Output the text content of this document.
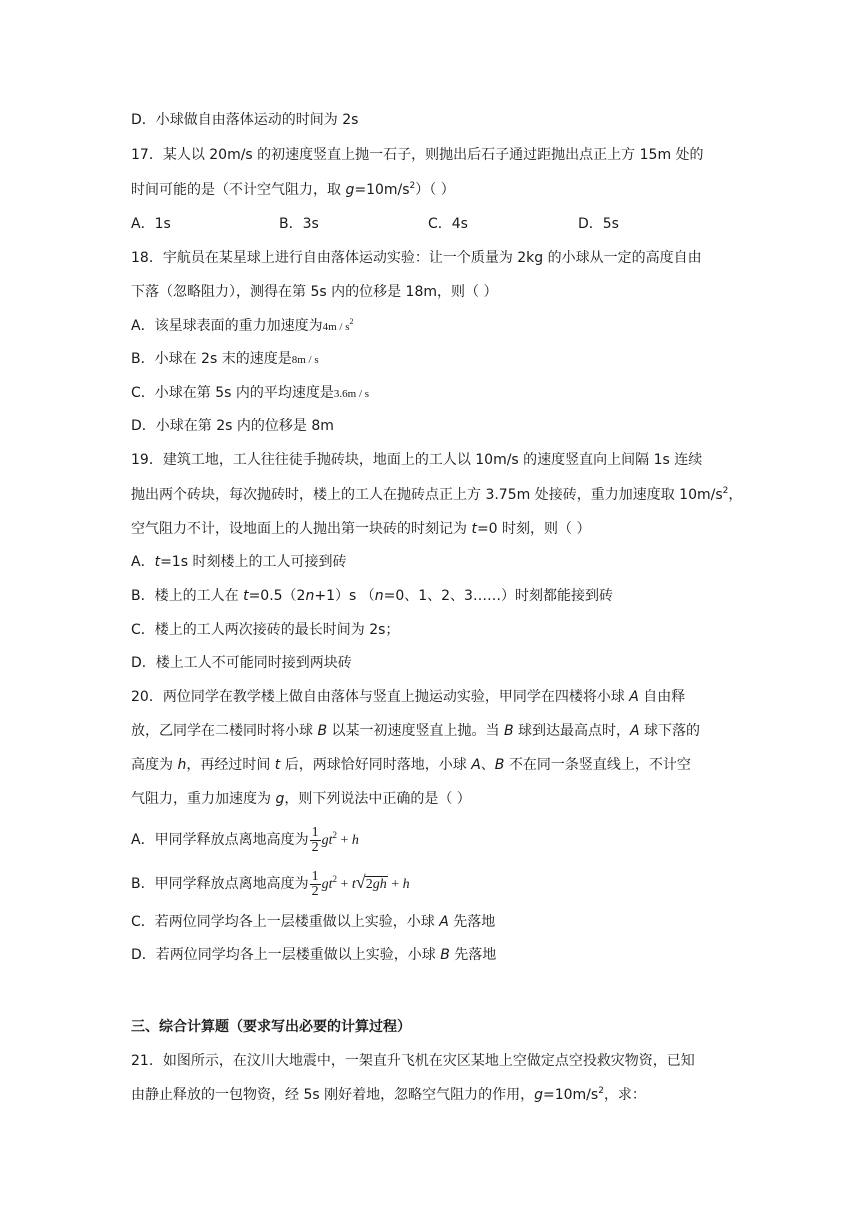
D．小球做自由落体运动的时间为 2s
17．某人以 20m/s 的初速度竖直上抛一石子，则抛出后石子通过距抛出点正上方 15m 处的
时间可能的是（不计空气阻力，取 $g=10m/s^2$）（ ）
A．1s	B．3s	C．4s	D．5s
18．宇航员在某星球上进行自由落体运动实验：让一个质量为 2kg 的小球从一定的高度自由
下落（忽略阻力），测得在第 5s 内的位移是 18m，则（ ）
A．该星球表面的重力加速度为$4m / s^2$
B．小球在 2s 末的速度是8m / s
C．小球在第 5s 内的平均速度是3.6m / s
D．小球在第 2s 内的位移是 8m
19．建筑工地，工人往往徒手抛砖块，地面上的工人以 10m/s 的速度竖直向上间隔 1s 连续
抛出两个砖块，每次抛砖时，楼上的工人在抛砖点正上方 3.75m 处接砖，重力加速度取 $10m/s^2$，
空气阻力不计，设地面上的人抛出第一块砖的时刻记为 t=0 时刻，则（ ）
A．t=1s 时刻楼上的工人可接到砖
B．楼上的工人在 t=0.5（2n+1）s （n=0、1、2、3……）时刻都能接到砖
C．楼上的工人两次接砖的最长时间为 2s；
D．楼上工人不可能同时接到两块砖
20．两位同学在教学楼上做自由落体与竖直上抛运动实验，甲同学在四楼将小球 A 自由释
放，乙同学在二楼同时将小球 B 以某一初速度竖直上抛。当 B 球到达最高点时，A 球下落的
高度为 h，再经过时间 t 后，两球恰好同时落地，小球 A、B 不在同一条竖直线上，不计空
气阻力，重力加速度为 g，则下列说法中正确的是（ ）
A．甲同学释放点离地高度为 $\frac{1}{2} gt^2 + h$
B．甲同学释放点离地高度为 $\frac{1}{2} gt^2 + t√2gh + h$
C．若两位同学均各上一层楼重做以上实验，小球 A 先落地
D．若两位同学均各上一层楼重做以上实验，小球 B 先落地
三、综合计算题（要求写出必要的计算过程）
21．如图所示，在汶川大地震中，一架直升飞机在灾区某地上空做定点空投救灾物资，已知
由静止释放的一包物资，经 5s 刚好着地，忽略空气阻力的作用，$g=10m/s^2$，求：
